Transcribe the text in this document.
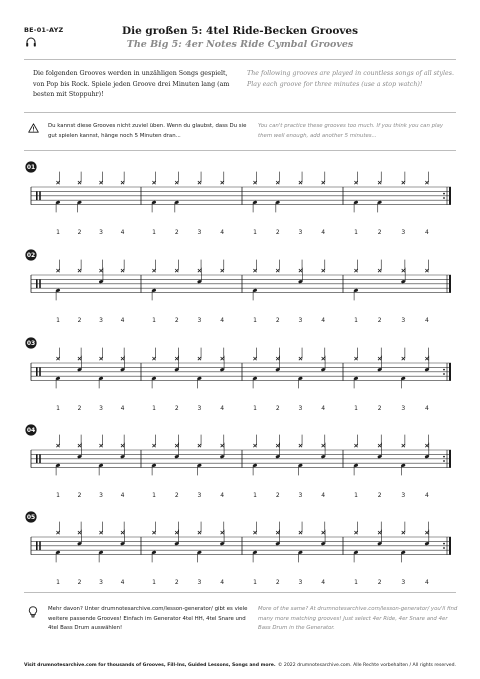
BE-01-AYZ	Die großen 5: 4tel Ride-Becken Grooves
The Big 5: 4er Notes Ride Cymbal Grooves
Die folgenden Grooves werden in unzähligen Songs gespielt, von Pop bis Rock. Spiele jeden Groove drei Minuten lang (am besten mit Stoppuhr)!
The following grooves are played in countless songs of all styles. Play each groove for three minutes (use a stop watch)!
Du kannst diese Grooves nicht zuviel üben. Wenn du glaubst, dass Du sie gut spielen kannst, hänge noch 5 Minuten dran...
You can't practice these grooves too much. If you think you can play them well enough, add another 5 minutes...
01
1	2	3	4	1	2	3	4	1	2	3	4	1	2	3	4
02
1	2	3	4	1	2	3	4	1	2	3	4	1	2	3	4
03
1	2	3	4	1	2	3	4	1	2	3	4	1	2	3	4
04
1	2	3	4	1	2	3	4	1	2	3	4	1	2	3	4
05
1	2	3	4	1	2	3	4	1	2	3	4	1	2	3	4
Mehr davon? Unter drumnotesarchive.com/lesson-generator/ gibt es viele weitere passende Grooves! Einfach im Generator 4tel HH, 4tel Snare und 4tel Bass Drum auswählen!
More of the same? At drumnotesarchive.com/lesson-generator/ you'll find many more matching grooves! Just select 4er Ride, 4er Snare and 4er Bass Drum in the Generator.
Visit drumnotesarchive.com for thousands of Grooves, Fill-Ins, Guided Lessons, Songs and more. © 2022 drumnotesarchive.com. Alle Rechte vorbehalten / All rights reserved.
